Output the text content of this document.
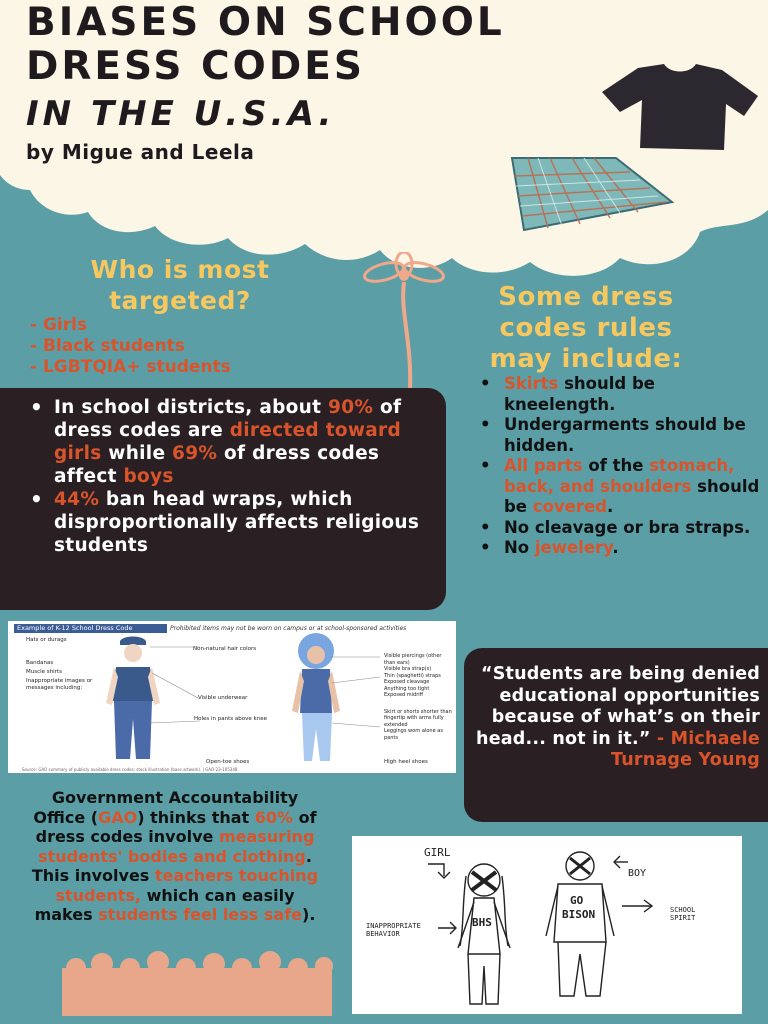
BIASES ON SCHOOL
DRESS CODES
IN THE U.S.A.
by Migue and Leela
Who is most
targeted?
- Girls
- Black students
- LGBTQIA+ students
Some dress
codes rules
may include:
• Skirts should be kneelength.
• Undergarments should be hidden.
• All parts of the stomach, back, and shoulders should be covered.
• No cleavage or bra straps.
• No jewelery.
• In school districts, about 90% of dress codes are directed toward girls while 69% of dress codes affect boys
• 44% ban head wraps, which disproportionally affects religious students
Example of K-12 School Dress Code	Prohibited items may not be worn on campus or at school-sponsored activities
Hats or durags
Bandanas
Muscle shirts
Inappropriate images or messages including:
Visible underwear
Holes in pants above knee
Open-toe shoes
Non-natural hair colors
Visible piercings (other than ears)
Visible bra strap(s)
Thin (spaghetti) straps
Exposed cleavage
Anything too tight
Exposed midriff
Skirt or shorts shorter than fingertip with arms fully extended
Leggings worn alone as pants
High heel shoes
Source: GAO summary of publicly available dress codes; stock illustration (base artwork). | GAO-23-105348
“Students are being denied educational opportunities because of what’s on their head... not in it.” - Michaele Turnage Young
Government Accountability Office (GAO) thinks that 60% of dress codes involve measuring students' bodies and clothing. This involves teachers touching students, which can easily makes students feel less safe).
GIRL
BOY
INAPPROPRIATE BEHAVIOR
SCHOOL SPIRIT
BHS
GO
BISON
